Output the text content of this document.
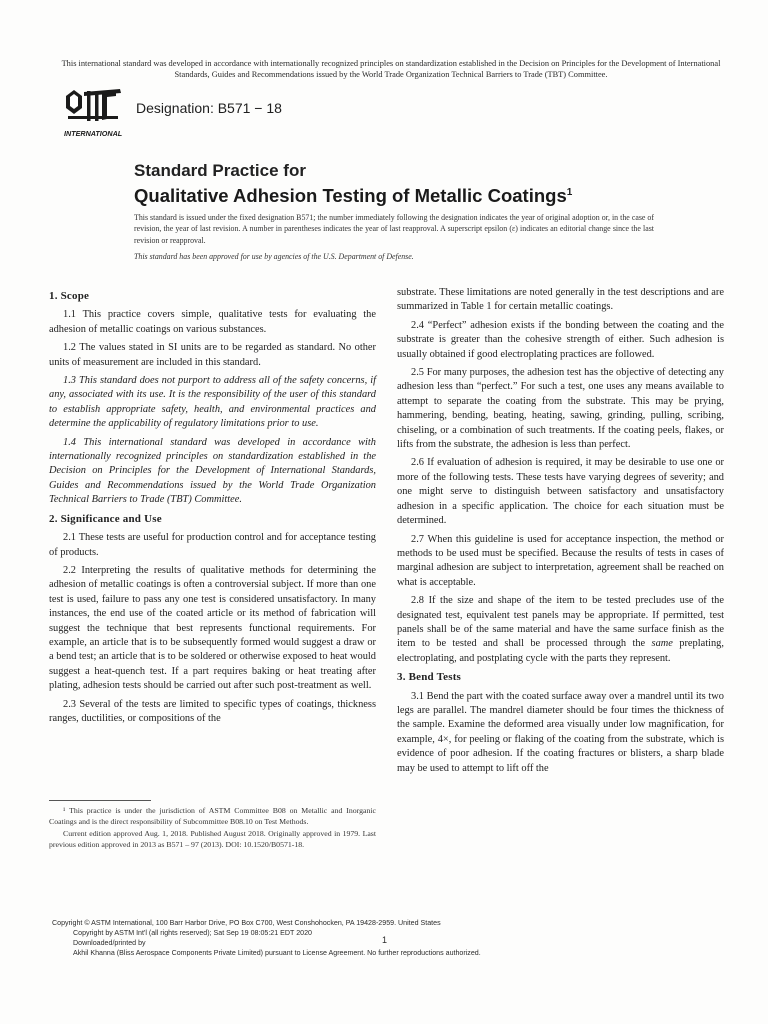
This international standard was developed in accordance with internationally recognized principles on standardization established in the Decision on Principles for the Development of International Standards, Guides and Recommendations issued by the World Trade Organization Technical Barriers to Trade (TBT) Committee.
INTERNATIONAL
Designation: B571 − 18

Standard Practice for

Qualitative Adhesion Testing of Metallic Coatings$^1$

This standard is issued under the fixed designation B571; the number immediately following the designation indicates the year of original adoption or, in the case of revision, the year of last revision. A number in parentheses indicates the year of last reapproval. A superscript epsilon (ε) indicates an editorial change since the last revision or reapproval.
This standard has been approved for use by agencies of the U.S. Department of Defense.
1. Scope

1.1 This practice covers simple, qualitative tests for evaluating the adhesion of metallic coatings on various substances.

1.2 The values stated in SI units are to be regarded as standard. No other units of measurement are included in this standard.

1.3 This standard does not purport to address all of the safety concerns, if any, associated with its use. It is the responsibility of the user of this standard to establish appropriate safety, health, and environmental practices and determine the applicability of regulatory limitations prior to use.

1.4 This international standard was developed in accordance with internationally recognized principles on standardization established in the Decision on Principles for the Development of International Standards, Guides and Recommendations issued by the World Trade Organization Technical Barriers to Trade (TBT) Committee.

2. Significance and Use

2.1 These tests are useful for production control and for acceptance testing of products.

2.2 Interpreting the results of qualitative methods for determining the adhesion of metallic coatings is often a controversial subject. If more than one test is used, failure to pass any one test is considered unsatisfactory. In many instances, the end use of the coated article or its method of fabrication will suggest the technique that best represents functional requirements. For example, an article that is to be subsequently formed would suggest a draw or a bend test; an article that is to be soldered or otherwise exposed to heat would suggest a heat-quench test. If a part requires baking or heat treating after plating, adhesion tests should be carried out after such post-treatment as well.

2.3 Several of the tests are limited to specific types of coatings, thickness ranges, ductilities, or compositions of the

substrate. These limitations are noted generally in the test descriptions and are summarized in Table 1 for certain metallic coatings.

2.4 “Perfect” adhesion exists if the bonding between the coating and the substrate is greater than the cohesive strength of either. Such adhesion is usually obtained if good electroplating practices are followed.

2.5 For many purposes, the adhesion test has the objective of detecting any adhesion less than “perfect.” For such a test, one uses any means available to attempt to separate the coating from the substrate. This may be prying, hammering, bending, beating, heating, sawing, grinding, pulling, scribing, chiseling, or a combination of such treatments. If the coating peels, flakes, or lifts from the substrate, the adhesion is less than perfect.

2.6 If evaluation of adhesion is required, it may be desirable to use one or more of the following tests. These tests have varying degrees of severity; and one might serve to distinguish between satisfactory and unsatisfactory adhesion in a specific application. The choice for each situation must be determined.

2.7 When this guideline is used for acceptance inspection, the method or methods to be used must be specified. Because the results of tests in cases of marginal adhesion are subject to interpretation, agreement shall be reached on what is acceptable.

2.8 If the size and shape of the item to be tested precludes use of the designated test, equivalent test panels may be appropriate. If permitted, test panels shall be of the same material and have the same surface finish as the item to be tested and shall be processed through the same preplating, electroplating, and postplating cycle with the parts they represent.

3. Bend Tests

3.1 Bend the part with the coated surface away over a mandrel until its two legs are parallel. The mandrel diameter should be four times the thickness of the sample. Examine the deformed area visually under low magnification, for example, 4×, for peeling or flaking of the coating from the substrate, which is evidence of poor adhesion. If the coating fractures or blisters, a sharp blade may be used to attempt to lift off the

¹ This practice is under the jurisdiction of ASTM Committee B08 on Metallic and Inorganic Coatings and is the direct responsibility of Subcommittee B08.10 on Test Methods.

Current edition approved Aug. 1, 2018. Published August 2018. Originally approved in 1979. Last previous edition approved in 2013 as B571 – 97 (2013). DOI: 10.1520/B0571-18.

Copyright © ASTM International, 100 Barr Harbor Drive, PO Box C700, West Conshohocken, PA 19428-2959. United States
Copyright by ASTM Int'l (all rights reserved); Sat Sep 19 08:05:21 EDT 2020
Downloaded/printed by
Akhil Khanna (Bliss Aerospace Components Private Limited) pursuant to License Agreement. No further reproductions authorized.
1
